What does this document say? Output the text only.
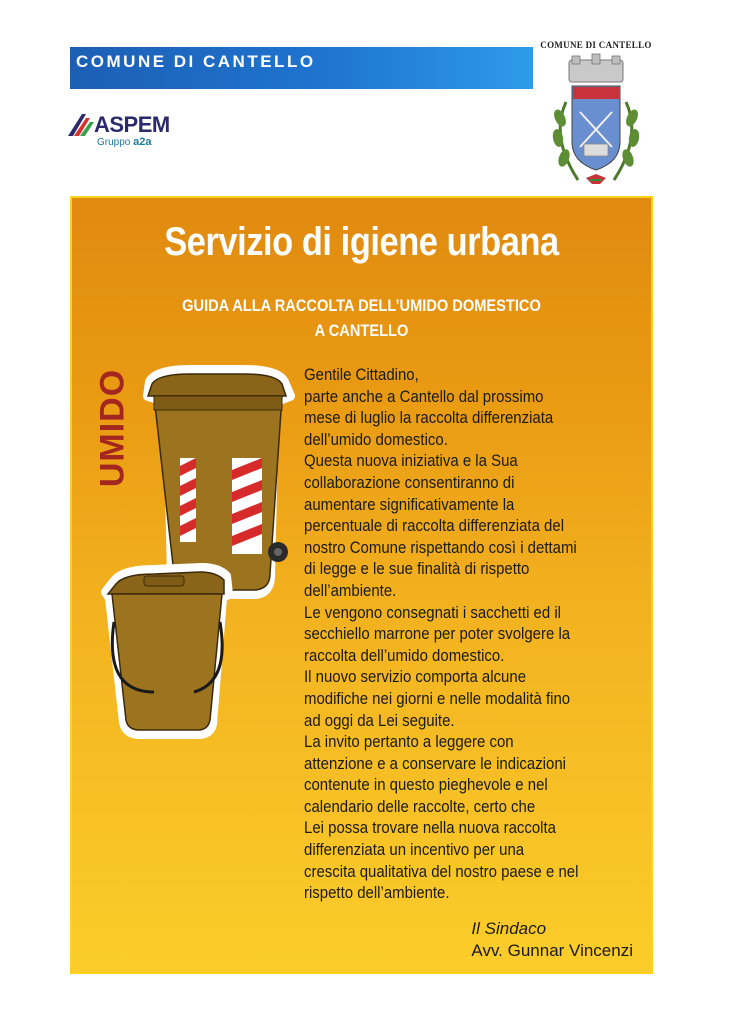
COMUNE DI CANTELLO
ASPEM
Gruppo a2a
COMUNE DI CANTELLO
Servizio di igiene urbana
GUIDA ALLA RACCOLTA DELL’UMIDO DOMESTICO
A CANTELLO
UMIDO	Gentile Cittadino,

parte anche a Cantello dal prossimo

mese di luglio la raccolta differenziata

dell’umido domestico.

Questa nuova iniziativa e la Sua

collaborazione consentiranno di

aumentare significativamente la

percentuale di raccolta differenziata del

nostro Comune rispettando così i dettami

di legge e le sue finalità di rispetto

dell’ambiente.

Le vengono consegnati i sacchetti ed il

secchiello marrone per poter svolgere la

raccolta dell’umido domestico.

Il nuovo servizio comporta alcune

modifiche nei giorni e nelle modalità fino

ad oggi da Lei seguite.

La invito pertanto a leggere con

attenzione e a conservare le indicazioni

contenute in questo pieghevole e nel

calendario delle raccolte, certo che

Lei possa trovare nella nuova raccolta

differenziata un incentivo per una

crescita qualitativa del nostro paese e nel

rispetto dell’ambiente.

Il Sindaco
Avv. Gunnar Vincenzi
